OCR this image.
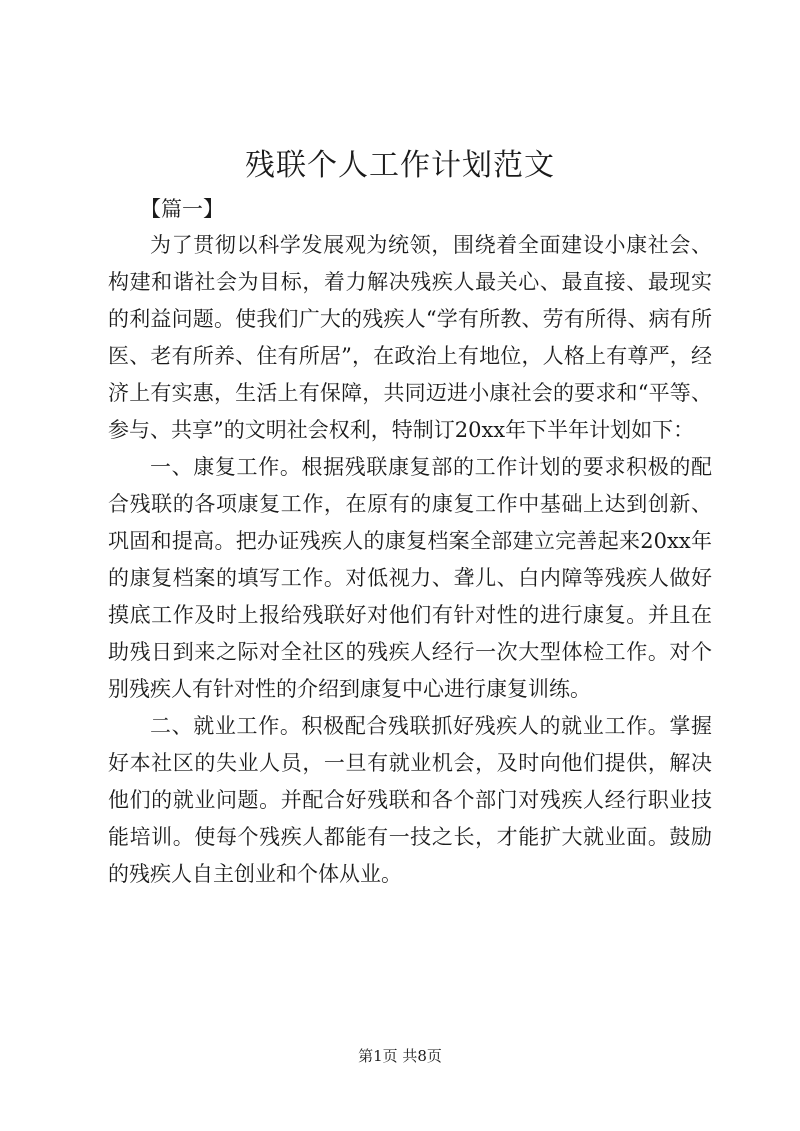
残联个人工作计划范文

【篇一】

为了贯彻以科学发展观为统领，围绕着全面建设小康社会、构建和谐社会为目标，着力解决残疾人最关心、最直接、最现实的利益问题。使我们广大的残疾人“学有所教、劳有所得、病有所医、老有所养、住有所居”，在政治上有地位，人格上有尊严，经济上有实惠，生活上有保障，共同迈进小康社会的要求和“平等、参与、共享”的文明社会权利，特制订20xx年下半年计划如下：

一、康复工作。根据残联康复部的工作计划的要求积极的配合残联的各项康复工作，在原有的康复工作中基础上达到创新、巩固和提高。把办证残疾人的康复档案全部建立完善起来20xx年的康复档案的填写工作。对低视力、聋儿、白内障等残疾人做好摸底工作及时上报给残联好对他们有针对性的进行康复。并且在助残日到来之际对全社区的残疾人经行一次大型体检工作。对个别残疾人有针对性的介绍到康复中心进行康复训练。

二、就业工作。积极配合残联抓好残疾人的就业工作。掌握好本社区的失业人员，一旦有就业机会，及时向他们提供，解决他们的就业问题。并配合好残联和各个部门对残疾人经行职业技能培训。使每个残疾人都能有一技之长，才能扩大就业面。鼓励的残疾人自主创业和个体从业。

第1页 共8页
